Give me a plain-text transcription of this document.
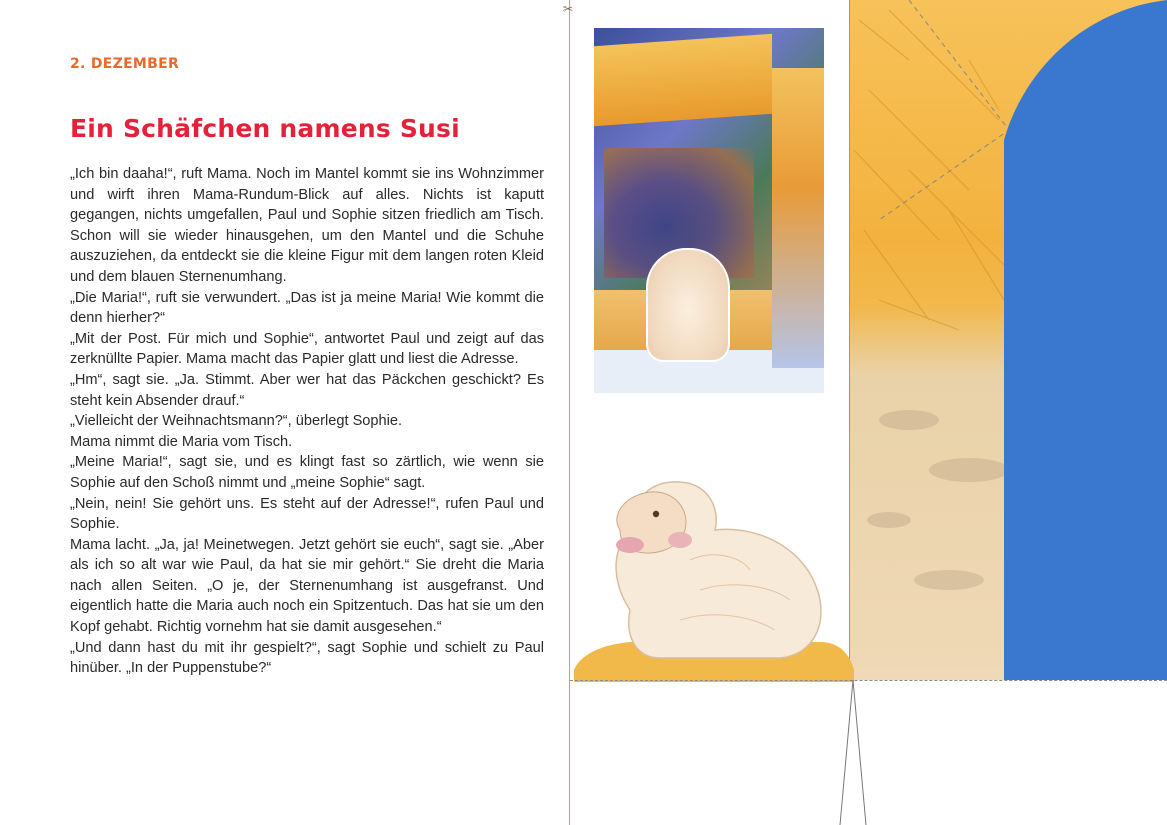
2. DEZEMBER
Ein Schäfchen namens Susi

„Ich bin daaha!“, ruft Mama. Noch im Mantel kommt sie ins Wohnzimmer und wirft ihren Mama-Rundum-Blick auf alles. Nichts ist kaputt gegangen, nichts umgefallen, Paul und Sophie sitzen friedlich am Tisch. Schon will sie wieder hinausgehen, um den Mantel und die Schuhe auszuziehen, da entdeckt sie die kleine Figur mit dem langen roten Kleid und dem blauen Sternenumhang.

„Die Maria!“, ruft sie verwundert. „Das ist ja meine Maria! Wie kommt die denn hierher?“

„Mit der Post. Für mich und Sophie“, antwortet Paul und zeigt auf das zerknüllte Papier. Mama macht das Papier glatt und liest die Adresse.

„Hm“, sagt sie. „Ja. Stimmt. Aber wer hat das Päckchen geschickt? Es steht kein Absender drauf.“

„Vielleicht der Weihnachtsmann?“, überlegt Sophie.

Mama nimmt die Maria vom Tisch.

„Meine Maria!“, sagt sie, und es klingt fast so zärtlich, wie wenn sie Sophie auf den Schoß nimmt und „meine Sophie“ sagt.

„Nein, nein! Sie gehört uns. Es steht auf der Adresse!“, rufen Paul und Sophie.

Mama lacht. „Ja, ja! Meinetwegen. Jetzt gehört sie euch“, sagt sie. „Aber als ich so alt war wie Paul, da hat sie mir gehört.“ Sie dreht die Maria nach allen Seiten. „O je, der Sternenumhang ist ausgefranst. Und eigentlich hatte die Maria auch noch ein Spitzentuch. Das hat sie um den Kopf gehabt. Richtig vornehm hat sie damit ausgesehen.“

„Und dann hast du mit ihr gespielt?“, sagt Sophie und schielt zu Paul hinüber. „In der Puppenstube?“

✂
